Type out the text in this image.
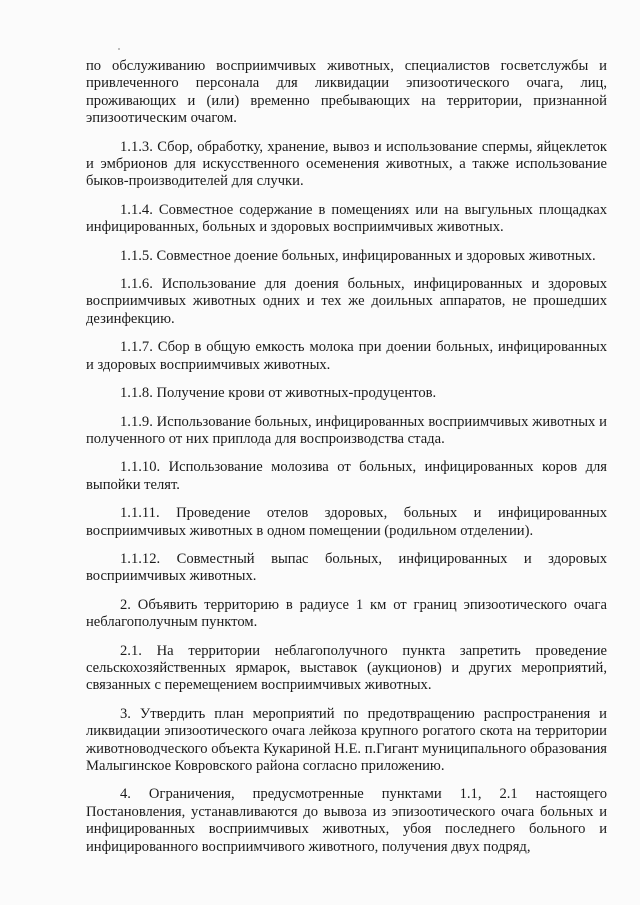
по обслуживанию восприимчивых животных, специалистов госветслужбы и привлеченного персонала для ликвидации эпизоотического очага, лиц, проживающих и (или) временно пребывающих на территории, признанной эпизоотическим очагом.

1.1.3. Сбор, обработку, хранение, вывоз и использование спермы, яйцеклеток и эмбрионов для искусственного осеменения животных, а также использование быков-производителей для случки.

1.1.4. Совместное содержание в помещениях или на выгульных площадках инфицированных, больных и здоровых восприимчивых животных.

1.1.5. Совместное доение больных, инфицированных и здоровых животных.

1.1.6. Использование для доения больных, инфицированных и здоровых восприимчивых животных одних и тех же доильных аппаратов, не прошедших дезинфекцию.

1.1.7. Сбор в общую емкость молока при доении больных, инфицированных и здоровых восприимчивых животных.

1.1.8. Получение крови от животных-продуцентов.

1.1.9. Использование больных, инфицированных восприимчивых животных и полученного от них приплода для воспроизводства стада.

1.1.10. Использование молозива от больных, инфицированных коров для выпойки телят.

1.1.11. Проведение отелов здоровых, больных и инфицированных восприимчивых животных в одном помещении (родильном отделении).

1.1.12. Совместный выпас больных, инфицированных и здоровых восприимчивых животных.

2. Объявить территорию в радиусе 1 км от границ эпизоотического очага неблагополучным пунктом.

2.1. На территории неблагополучного пункта запретить проведение сельскохозяйственных ярмарок, выставок (аукционов) и других мероприятий, связанных с перемещением восприимчивых животных.

3. Утвердить план мероприятий по предотвращению распространения и ликвидации эпизоотического очага лейкоза крупного рогатого скота на территории животноводческого объекта Кукариной Н.Е. п.Гигант муниципального образования Малыгинское Ковровского района согласно приложению.

4. Ограничения, предусмотренные пунктами 1.1, 2.1 настоящего Постановления, устанавливаются до вывоза из эпизоотического очага больных и инфицированных восприимчивых животных, убоя последнего больного и инфицированного восприимчивого животного, получения двух подряд,
